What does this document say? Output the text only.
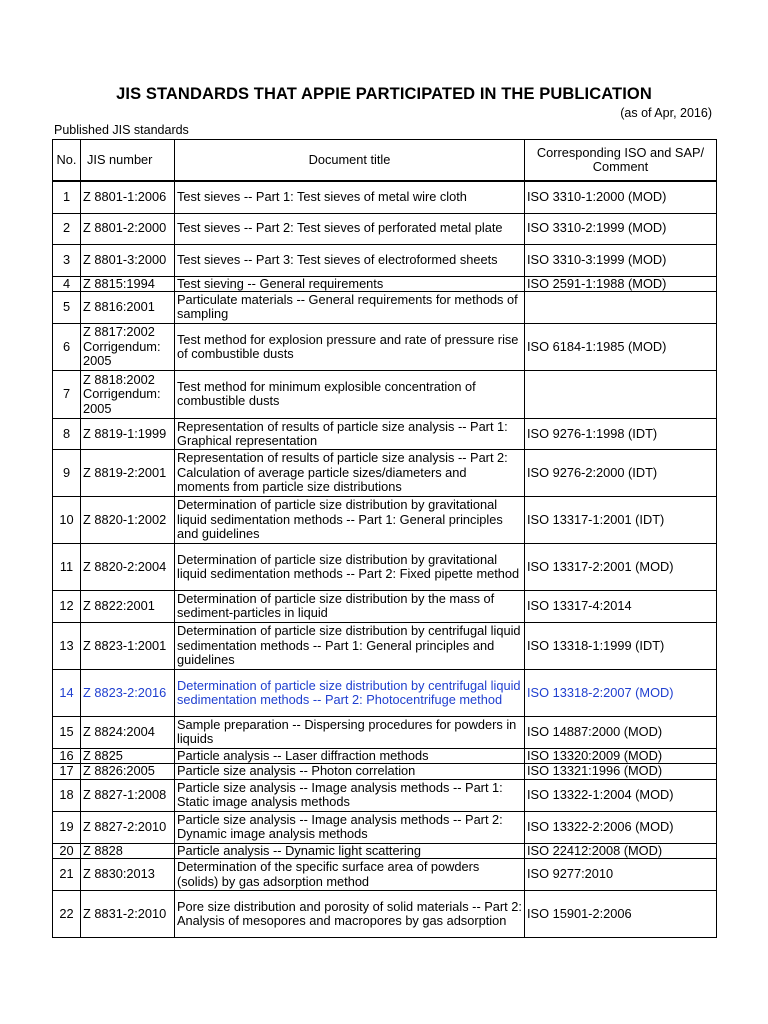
JIS STANDARDS THAT APPIE PARTICIPATED IN THE PUBLICATION
(as of Apr, 2016)
Published JIS standards
No.	JIS number	Document title	Corresponding ISO and SAP/ Comment
1	Z 8801-1:2006	Test sieves -- Part 1: Test sieves of metal wire cloth	ISO 3310-1:2000 (MOD)
2	Z 8801-2:2000	Test sieves -- Part 2: Test sieves of perforated metal plate	ISO 3310-2:1999 (MOD)
3	Z 8801-3:2000	Test sieves -- Part 3: Test sieves of electroformed sheets	ISO 3310-3:1999 (MOD)
4	Z 8815:1994	Test sieving -- General requirements	ISO 2591-1:1988 (MOD)
5	Z 8816:2001	Particulate materials -- General requirements for methods of sampling	
6	Z 8817:2002 Corrigendum: 2005	Test method for explosion pressure and rate of pressure rise of combustible dusts	ISO 6184-1:1985 (MOD)
7	Z 8818:2002 Corrigendum: 2005	Test method for minimum explosible concentration of combustible dusts	
8	Z 8819-1:1999	Representation of results of particle size analysis -- Part 1: Graphical representation	ISO 9276-1:1998 (IDT)
9	Z 8819-2:2001	Representation of results of particle size analysis -- Part 2: Calculation of average particle sizes/diameters and moments from particle size distributions	ISO 9276-2:2000 (IDT)
10	Z 8820-1:2002	Determination of particle size distribution by gravitational liquid sedimentation methods -- Part 1: General principles and guidelines	ISO 13317-1:2001 (IDT)
11	Z 8820-2:2004	Determination of particle size distribution by gravitational liquid sedimentation methods -- Part 2: Fixed pipette method	ISO 13317-2:2001 (MOD)
12	Z 8822:2001	Determination of particle size distribution by the mass of sediment-particles in liquid	ISO 13317-4:2014
13	Z 8823-1:2001	Determination of particle size distribution by centrifugal liquid sedimentation methods -- Part 1: General principles and guidelines	ISO 13318-1:1999 (IDT)
14	Z 8823-2:2016	Determination of particle size distribution by centrifugal liquid sedimentation methods -- Part 2: Photocentrifuge method	ISO 13318-2:2007 (MOD)
15	Z 8824:2004	Sample preparation -- Dispersing procedures for powders in liquids	ISO 14887:2000 (MOD)
16	Z 8825	Particle analysis -- Laser diffraction methods	ISO 13320:2009 (MOD)
17	Z 8826:2005	Particle size analysis -- Photon correlation	ISO 13321:1996 (MOD)
18	Z 8827-1:2008	Particle size analysis -- Image analysis methods -- Part 1: Static image analysis methods	ISO 13322-1:2004 (MOD)
19	Z 8827-2:2010	Particle size analysis -- Image analysis methods -- Part 2: Dynamic image analysis methods	ISO 13322-2:2006 (MOD)
20	Z 8828	Particle analysis -- Dynamic light scattering	ISO 22412:2008 (MOD)
21	Z 8830:2013	Determination of the specific surface area of powders (solids) by gas adsorption method	ISO 9277:2010
22	Z 8831-2:2010	Pore size distribution and porosity of solid materials -- Part 2: Analysis of mesopores and macropores by gas adsorption	ISO 15901-2:2006
